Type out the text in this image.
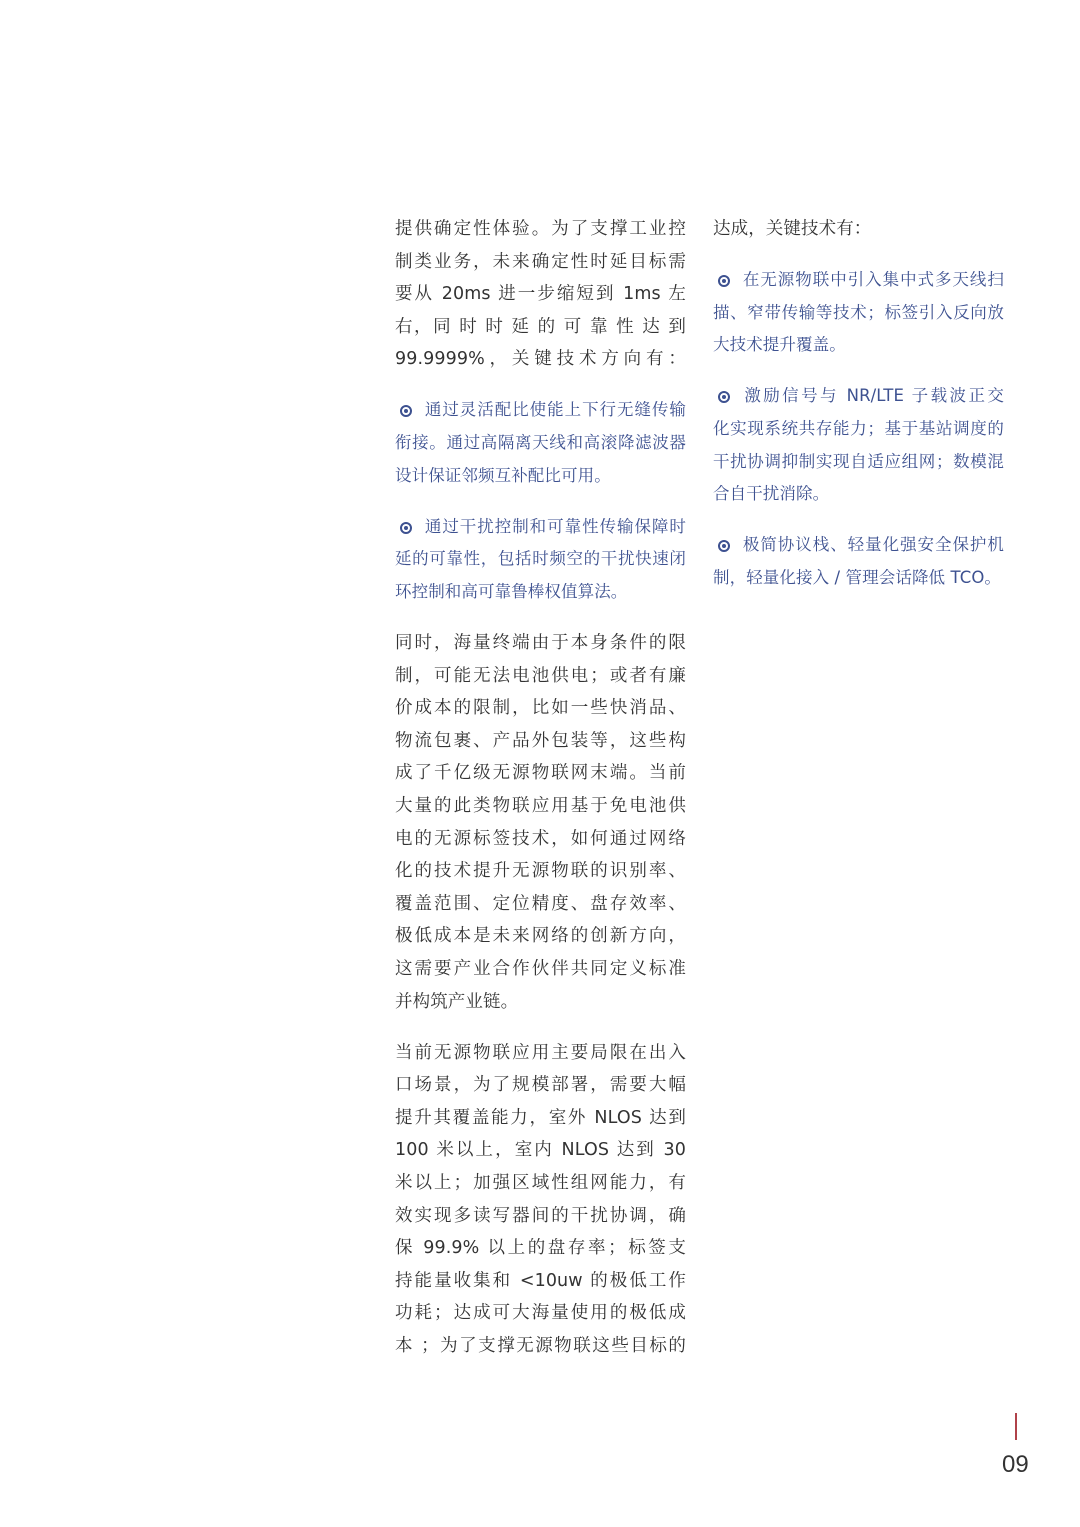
提供确定性体验。为了支撑工业控
制类业务，未来确定性时延目标需
要从 20ms 进一步缩短到 1ms 左
右，同 时 时 延 的 可 靠 性 达 到
99.9999%，关键技术方向有：
通过灵活配比使能上下行无缝传输
衔接。通过高隔离天线和高滚降滤波器
设计保证邻频互补配比可用。
通过干扰控制和可靠性传输保障时
延的可靠性，包括时频空的干扰快速闭
环控制和高可靠鲁棒权值算法。
同时，海量终端由于本身条件的限
制，可能无法电池供电；或者有廉
价成本的限制，比如一些快消品、
物流包裹、产品外包装等，这些构
成了千亿级无源物联网末端。当前
大量的此类物联应用基于免电池供
电的无源标签技术，如何通过网络
化的技术提升无源物联的识别率、
覆盖范围、定位精度、盘存效率、
极低成本是未来网络的创新方向，
这需要产业合作伙伴共同定义标准
并构筑产业链。
当前无源物联应用主要局限在出入
口场景，为了规模部署，需要大幅
提升其覆盖能力，室外 NLOS 达到
100 米以上，室内 NLOS 达到 30
米以上；加强区域性组网能力，有
效实现多读写器间的干扰协调，确
保 99.9% 以上的盘存率；标签支
持能量收集和 <10uw 的极低工作
功耗；达成可大海量使用的极低成
本 ；为了支撑无源物联这些目标的
达成，关键技术有：
在无源物联中引入集中式多天线扫
描、窄带传输等技术；标签引入反向放
大技术提升覆盖。
激励信号与 NR/LTE 子载波正交
化实现系统共存能力；基于基站调度的
干扰协调抑制实现自适应组网；数模混
合自干扰消除。
极简协议栈、轻量化强安全保护机
制，轻量化接入 / 管理会话降低 TCO。
09
